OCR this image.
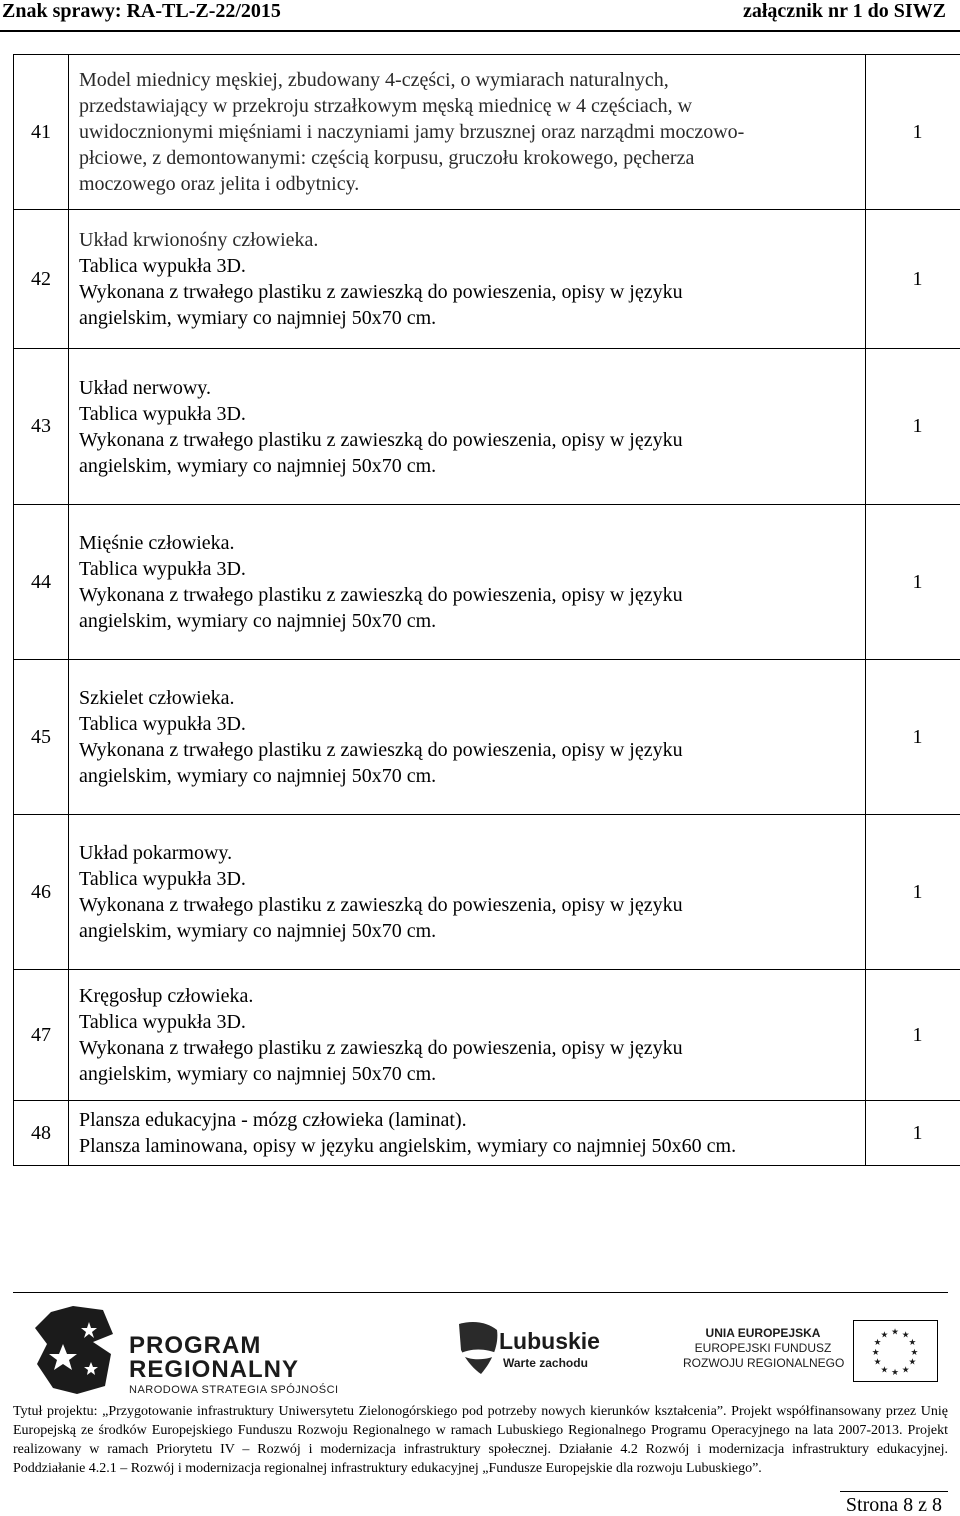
Znak sprawy: RA-TL-Z-22/2015	załącznik nr 1 do SIWZ
41	Model miednicy męskiej, zbudowany 4-części, o wymiarach naturalnych,
przedstawiający w przekroju strzałkowym męską miednicę w 4 częściach, w
uwidocznionymi mięśniami i naczyniami jamy brzusznej oraz narządmi moczowo-
płciowe, z demontowanymi: częścią korpusu, gruczołu krokowego, pęcherza
moczowego oraz jelita i odbytnicy.	1
42	Układ krwionośny człowieka.
Tablica wypukła 3D.
Wykonana z trwałego plastiku z zawieszką do powieszenia, opisy w języku
angielskim, wymiary co najmniej 50x70 cm.	1
43	Układ nerwowy.
Tablica wypukła 3D.
Wykonana z trwałego plastiku z zawieszką do powieszenia, opisy w języku
angielskim, wymiary co najmniej 50x70 cm.	1
44	Mięśnie człowieka.
Tablica wypukła 3D.
Wykonana z trwałego plastiku z zawieszką do powieszenia, opisy w języku
angielskim, wymiary co najmniej 50x70 cm.	1
45	Szkielet człowieka.
Tablica wypukła 3D.
Wykonana z trwałego plastiku z zawieszką do powieszenia, opisy w języku
angielskim, wymiary co najmniej 50x70 cm.	1
46	Układ pokarmowy.
Tablica wypukła 3D.
Wykonana z trwałego plastiku z zawieszką do powieszenia, opisy w języku
angielskim, wymiary co najmniej 50x70 cm.	1
47	Kręgosłup człowieka.
Tablica wypukła 3D.
Wykonana z trwałego plastiku z zawieszką do powieszenia, opisy w języku
angielskim, wymiary co najmniej 50x70 cm.	1
48	Plansza edukacyjna - mózg człowieka (laminat).
Plansza laminowana, opisy w języku angielskim, wymiary co najmniej 50x60 cm.	1
PROGRAM
REGIONALNY
NARODOWA STRATEGIA SPÓJNOŚCI
Lubuskie
Warte zachodu
UNIA EUROPEJSKA
EUROPEJSKI FUNDUSZ
ROZWOJU REGIONALNEGO
★ ★
★
★
★
★
★
★
★
★
★
★
Tytuł projektu: „Przygotowanie infrastruktury Uniwersytetu Zielonogórskiego pod potrzeby nowych kierunków kształcenia”. Projekt współfinansowany przez Unię Europejską ze środków Europejskiego Funduszu Rozwoju Regionalnego w ramach Lubuskiego Regionalnego Programu Operacyjnego na lata 2007-2013. Projekt realizowany w ramach Priorytetu IV – Rozwój i modernizacja infrastruktury społecznej. Działanie 4.2 Rozwój i modernizacja infrastruktury edukacyjnej. Poddziałanie 4.2.1 – Rozwój i modernizacja regionalnej infrastruktury edukacyjnej „Fundusze Europejskie dla rozwoju Lubuskiego”.
Strona 8 z 8
